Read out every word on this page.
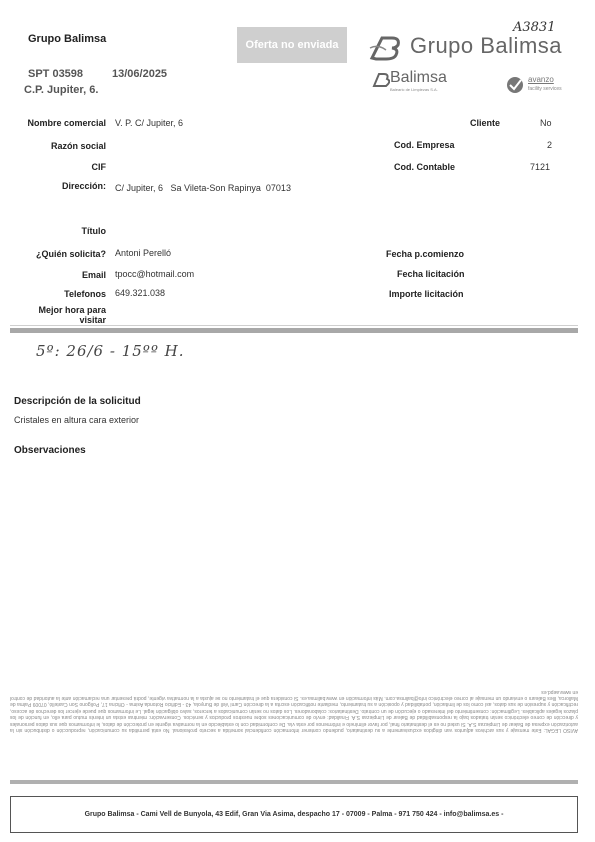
Grupo Balimsa
SPT 03598	13/06/2025
C.P. Jupiter, 6.
Oferta no enviada
A3831
Grupo Balimsa
Balimsa
Balearic de Limpiezas S.A.
avanzo
facility services
Nombre comercial V. P. C/ Jupiter, 6
Razón social
CIF
Dirección: C/ Jupiter, 6   Sa Vileta-Son Rapinya  07013
Título
¿Quién solicita? Antoni Perelló
Email tpocc@hotmail.com
Telefonos 649.321.038
Mejor hora para
visitar
Cliente	No
Cod. Empresa	2
Cod. Contable	7121
Fecha p.comienzo
Fecha licitación
Importe licitación
5º: 26/6 - 15ºº H.
Descripción de la solicitud
Cristales en altura cara exterior
Observaciones
AVISO LEGAL: Este mensaje y sus archivos adjuntos van dirigidos exclusivamente a su destinatario, pudiendo contener información confidencial sometida a secreto profesional. No está permitida su comunicación, reproducción o distribución sin la autorización expresa de Balear de Limpiezas S.A. Si usted no es el destinatario final, por favor elimínelo e infórmenos por esta vía. De conformidad con lo establecido en la normativa vigente en protección de datos, le informamos que sus datos personales y dirección de correo electrónico serán tratados bajo la responsabilidad de Balear de Limpiezas S.A. Finalidad: envío de comunicaciones sobre nuestros productos y servicios. Conservación: mientras exista un interés mutuo para ello, en función de los plazos legales aplicables. Legitimación: consentimiento del interesado o ejecución de un contrato. Destinatarios: colaboradores. Los datos no serán comunicados a terceros, salvo obligación legal. Le informamos que puede ejercer los derechos de acceso, rectificación y supresión de sus datos, así como los de limitación, portabilidad y oposición a su tratamiento, mediante notificación escrita a la dirección Camí Vell de Bunyola, 43 - Edificio Rotonda Asima - Oficina 17, Polígono Son Castelló, 07009 Palma de Mallorca, Illes Balears o enviando un mensaje al correo electrónico info@balimsa.com. Más información en www.balimsa.es. Si considera que el tratamiento no se ajusta a la normativa vigente, podrá presentar una reclamación ante la autoridad de control en www.aepd.es
Grupo Balimsa - Cami Vell de Bunyola, 43 Edif, Gran Via Asima, despacho 17 - 07009 - Palma - 971 750 424 - info@balimsa.es -
